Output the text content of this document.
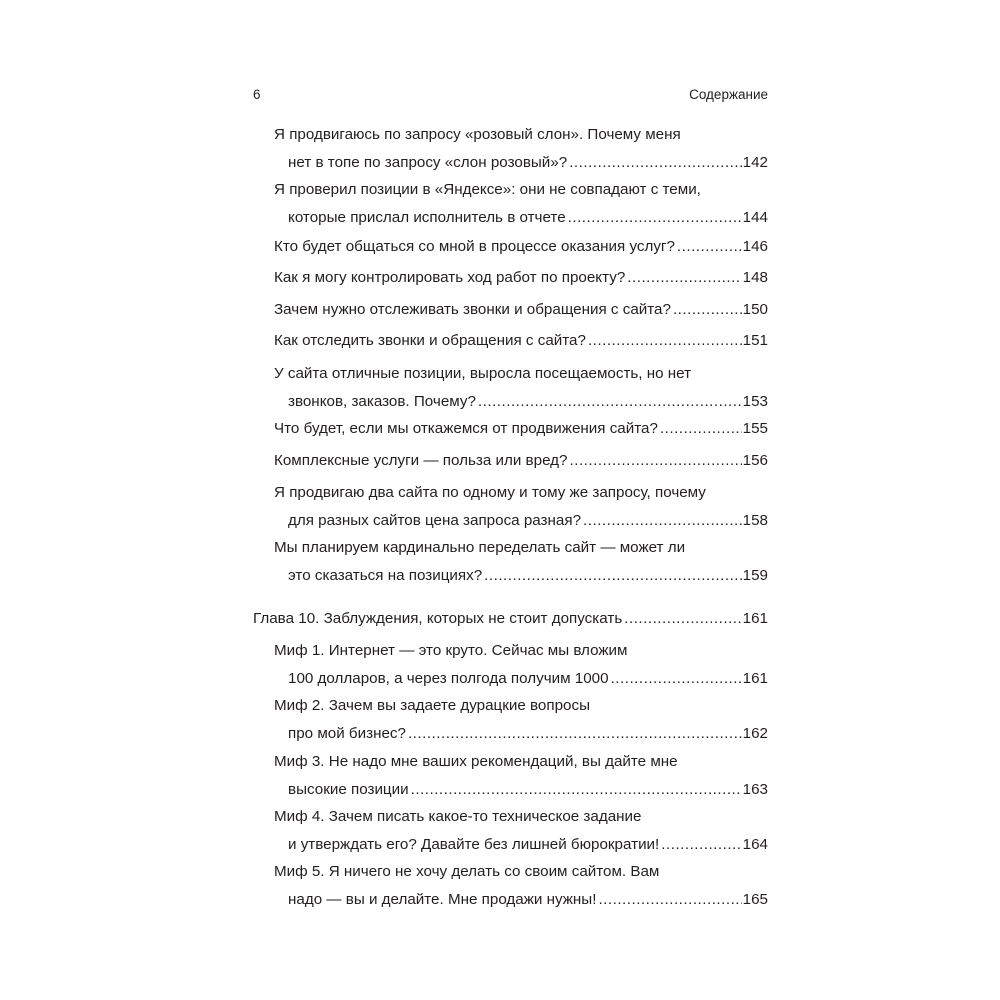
6	Содержание
Я продвигаюсь по запросу «розовый слон». Почему меня
нет в топе по запросу «слон розовый»? .....	142
Я проверил позиции в «Яндексе»: они не совпадают с теми,
которые прислал исполнитель в отчете .....	144
Кто будет общаться со мной в процессе оказания услуг? .....	146
Как я могу контролировать ход работ по проекту? .....	148
Зачем нужно отслеживать звонки и обращения с сайта? .....	150
Как отследить звонки и обращения с сайта? .....	151
У сайта отличные позиции, выросла посещаемость, но нет
звонков, заказов. Почему? .....	153
Что будет, если мы откажемся от продвижения сайта? .....	155
Комплексные услуги — польза или вред? .....	156
Я продвигаю два сайта по одному и тому же запросу, почему
для разных сайтов цена запроса разная? .....	158
Мы планируем кардинально переделать сайт — может ли
это сказаться на позициях? .....	159
Глава 10. Заблуждения, которых не стоит допускать .....	161
Миф 1. Интернет — это круто. Сейчас мы вложим
100 долларов, а через полгода получим 1000 .....	161
Миф 2. Зачем вы задаете дурацкие вопросы
про мой бизнес? .....	162
Миф 3. Не надо мне ваших рекомендаций, вы дайте мне
высокие позиции .....	163
Миф 4. Зачем писать какое-то техническое задание
и утверждать его? Давайте без лишней бюрократии! .....	164
Миф 5. Я ничего не хочу делать со своим сайтом. Вам
надо — вы и делайте. Мне продажи нужны! .....	165
